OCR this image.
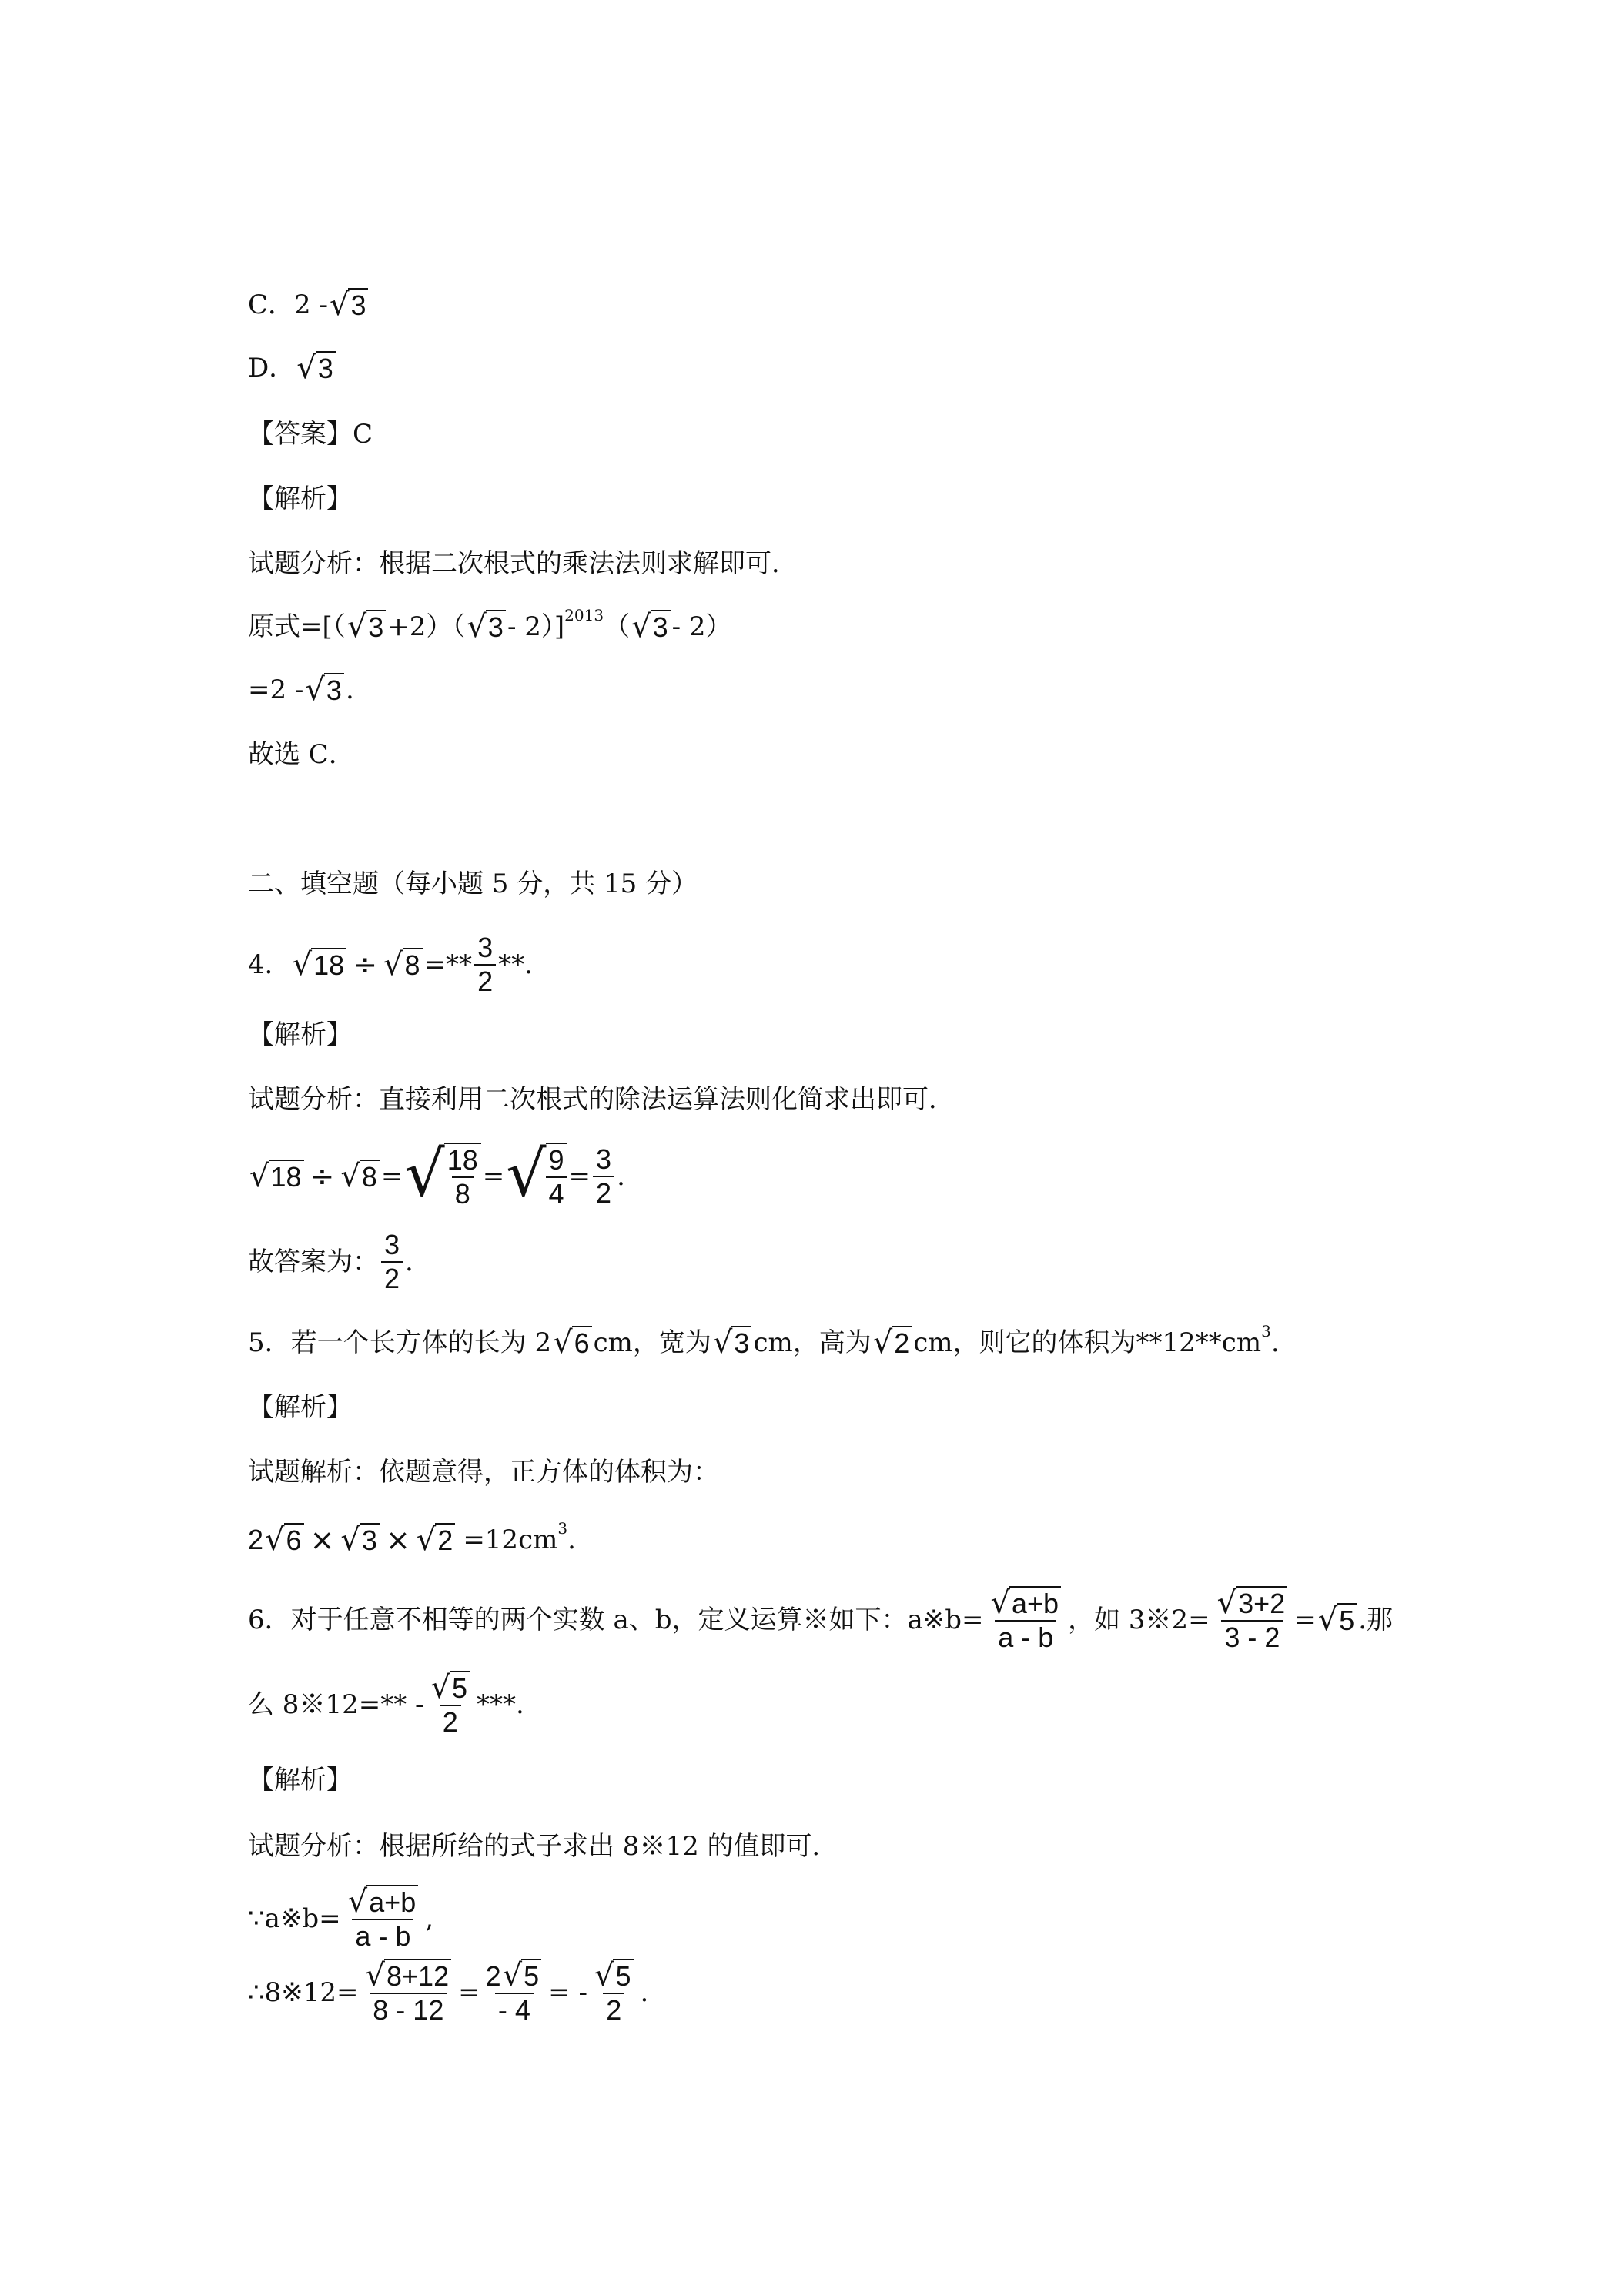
C．2 - √ 3
D． √ 3
【答案】 C
【解析】
试题分析：根据二次根式的乘法法则求解即可．
原式=[（ √ 3 +2）（ √ 3 - 2）] 2013 （ √ 3 - 2）
=2 - √ 3 .
故选 C．
二、填空题（每小题 5 分，共 15 分）
4． √ 18 ÷ √ 8 =** $\frac{3}{2}$ **.
【解析】
试题分析：直接利用二次根式的除法运算法则化简求出即可．
√ 18 ÷ √ 8 = √ $\frac{18}{8}$ = √ $\frac{9}{4} = \frac{3}{2}$ .
故答案为： $\frac{3}{2}$ .
5．若一个长方体的长为 2 √ 6 cm，宽为 √ 3 cm，高为 √ 2 cm，则它的体积为**12**cm 3 .
【解析】
试题解析：依题意得，正方体的体积为：
2 √ 6 × √ 3 × √ 2 =12cm 3 .
6．对于任意不相等的两个实数 a、b，定义运算※如下：a※b= $\frac{√ a+b}{a - b}$ ，如 3※2= $\frac{√ 3+2}{3 - 2}$ = √ 5 .那
么 8※12=** - $\frac{√ 5}{2}$ ***.
【解析】
试题分析：根据所给的式子求出 8※12 的值即可．
∵a※b= $\frac{√ a+b}{a - b}$ ,
∴8※12= $\frac{√ 8+12}{8 - 12} = \frac{2 √ 5}{- 4}$ = - $\frac{√ 5}{2}$ .
